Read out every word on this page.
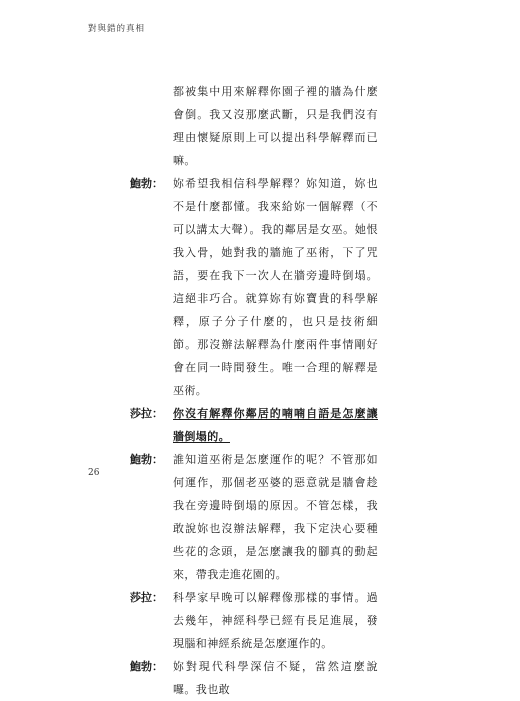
對與錯的真相
都被集中用來解釋你園子裡的牆為什麼會倒。我又沒那麼武斷，只是我們沒有理由懷疑原則上可以提出科學解釋而已嘛。
鮑勃： 妳希望我相信科學解釋？妳知道，妳也不是什麼都懂。我來給妳一個解釋（不可以講太大聲）。我的鄰居是女巫。她恨我入骨，她對我的牆施了巫術，下了咒語，要在我下一次人在牆旁邊時倒塌。這絕非巧合。就算妳有妳寶貴的科學解釋，原子分子什麼的，也只是技術細節。那沒辦法解釋為什麼兩件事情剛好會在同一時間發生。唯一合理的解釋是巫術。
莎拉： 你沒有解釋你鄰居的喃喃自語是怎麼讓牆倒塌的。
鮑勃： 誰知道巫術是怎麼運作的呢？不管那如何運作，那個老巫婆的惡意就是牆會趁我在旁邊時倒塌的原因。不管怎樣，我敢說妳也沒辦法解釋，我下定決心要種些花的念頭，是怎麼讓我的腳真的動起來，帶我走進花園的。
莎拉： 科學家早晚可以解釋像那樣的事情。過去幾年，神經科學已經有長足進展，發現腦和神經系統是怎麼運作的。
鮑勃： 妳對現代科學深信不疑，當然這麼說囉。我也敢
26
